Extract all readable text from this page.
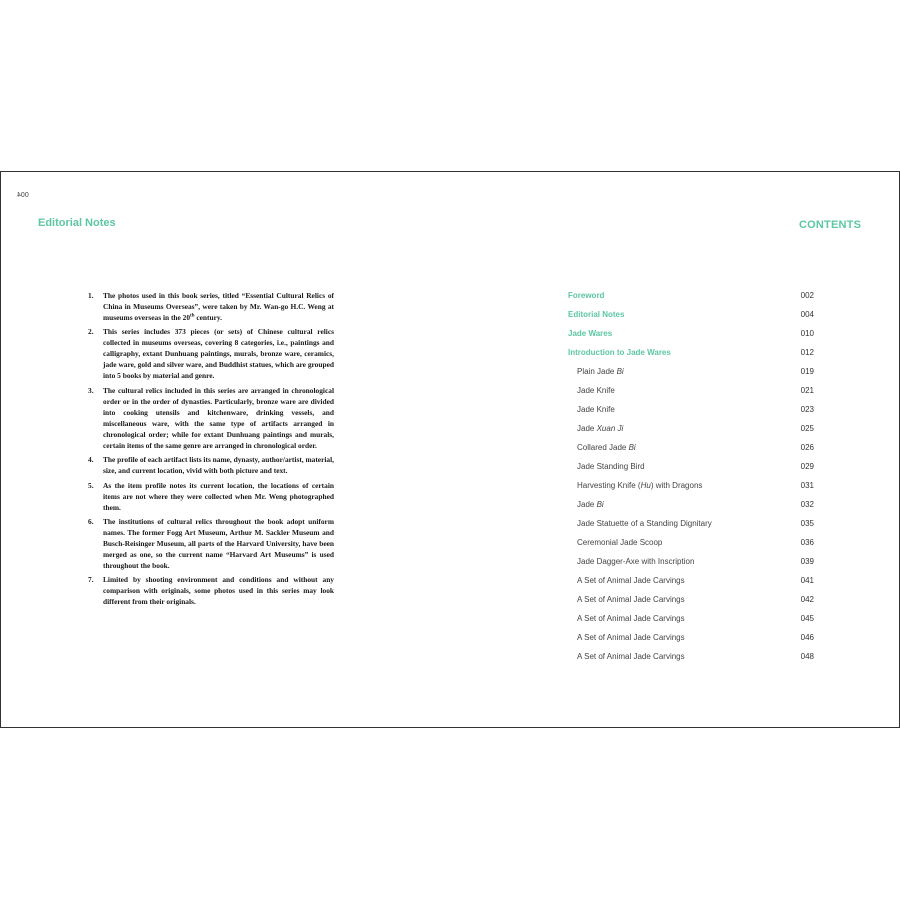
004
Editorial Notes	CONTENTS
1. The photos used in this book series, titled “Essential Cultural Relics of China in Museums Overseas”, were taken by Mr. Wan-go H.C. Weng at museums overseas in the 20th century.
2. This series includes 373 pieces (or sets) of Chinese cultural relics collected in museums overseas, covering 8 categories, i.e., paintings and calligraphy, extant Dunhuang paintings, murals, bronze ware, ceramics, jade ware, gold and silver ware, and Buddhist statues, which are grouped into 5 books by material and genre.
3. The cultural relics included in this series are arranged in chronological order or in the order of dynasties. Particularly, bronze ware are divided into cooking utensils and kitchenware, drinking vessels, and miscellaneous ware, with the same type of artifacts arranged in chronological order; while for extant Dunhuang paintings and murals, certain items of the same genre are arranged in chronological order.
4. The profile of each artifact lists its name, dynasty, author/artist, material, size, and current location, vivid with both picture and text.
5. As the item profile notes its current location, the locations of certain items are not where they were collected when Mr. Weng photographed them.
6. The institutions of cultural relics throughout the book adopt uniform names. The former Fogg Art Museum, Arthur M. Sackler Museum and Busch-Reisinger Museum, all parts of the Harvard University, have been merged as one, so the current name “Harvard Art Museums” is used throughout the book.
7. Limited by shooting environment and conditions and without any comparison with originals, some photos used in this series may look different from their originals.
Foreword	002
Editorial Notes	004
Jade Wares	010
Introduction to Jade Wares	012
Plain Jade Bi	019
Jade Knife	021
Jade Knife	023
Jade Xuan Ji	025
Collared Jade Bi	026
Jade Standing Bird	029
Harvesting Knife (Hu) with Dragons	031
Jade Bi	032
Jade Statuette of a Standing Dignitary	035
Ceremonial Jade Scoop	036
Jade Dagger-Axe with Inscription	039
A Set of Animal Jade Carvings	041
A Set of Animal Jade Carvings	042
A Set of Animal Jade Carvings	045
A Set of Animal Jade Carvings	046
A Set of Animal Jade Carvings	048
